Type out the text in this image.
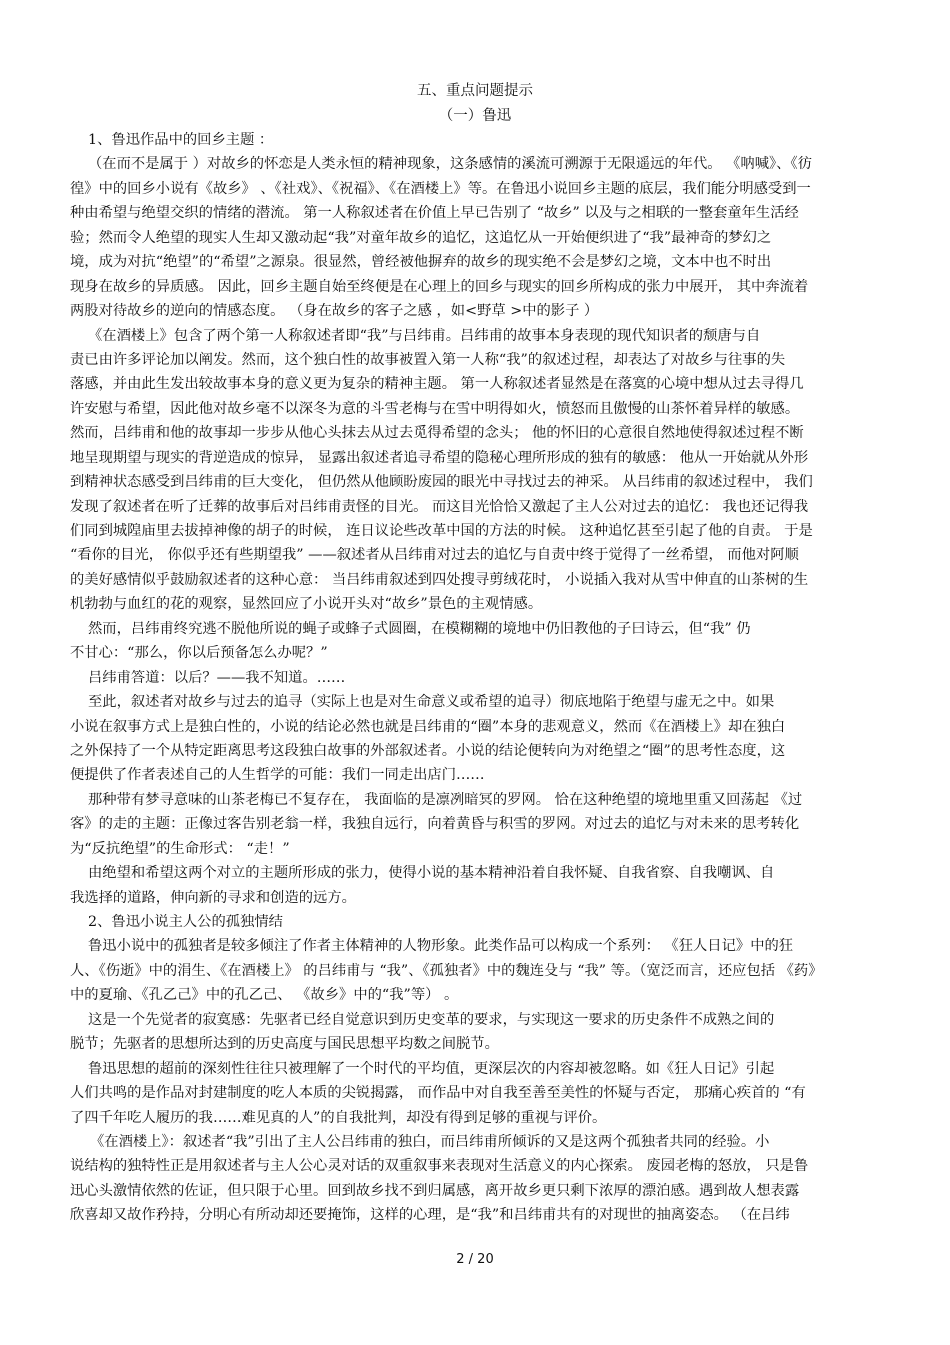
五、重点问题提示
（一）鲁迅
1、鲁迅作品中的回乡主题 ：
（在而不是属于 ）对故乡的怀恋是人类永恒的精神现象，这条感情的溪流可溯源于无限遥远的年代。 《呐喊》、《彷
徨》中的回乡小说有《故乡》 、《社戏》、《祝福》、《在酒楼上》等。在鲁迅小说回乡主题的底层，我们能分明感受到一
种由希望与绝望交织的情绪的潜流。 第一人称叙述者在价值上早已告别了 “故乡” 以及与之相联的一整套童年生活经
验；然而令人绝望的现实人生却又激动起“我”对童年故乡的追忆，这追忆从一开始便织进了“我”最神奇的梦幻之
境，成为对抗“绝望”的“希望”之源泉。很显然，曾经被他摒弃的故乡的现实绝不会是梦幻之境，文本中也不时出
现身在故乡的异质感。 因此，回乡主题自始至终便是在心理上的回乡与现实的回乡所构成的张力中展开， 其中奔流着
两股对待故乡的逆向的情感态度。 （身在故乡的客子之感 ，如<野草 >中的影子 ）
《在酒楼上》包含了两个第一人称叙述者即“我”与吕纬甫。吕纬甫的故事本身表现的现代知识者的颓唐与自
责已由许多评论加以阐发。然而，这个独白性的故事被置入第一人称“我”的叙述过程，却表达了对故乡与往事的失
落感，并由此生发出较故事本身的意义更为复杂的精神主题。 第一人称叙述者显然是在落寞的心境中想从过去寻得几
许安慰与希望，因此他对故乡毫不以深冬为意的斗雪老梅与在雪中明得如火，愤怒而且傲慢的山茶怀着异样的敏感。
然而，吕纬甫和他的故事却一步步从他心头抹去从过去觅得希望的念头； 他的怀旧的心意很自然地使得叙述过程不断
地呈现期望与现实的背逆造成的惊异， 显露出叙述者追寻希望的隐秘心理所形成的独有的敏感： 他从一开始就从外形
到精神状态感受到吕纬甫的巨大变化， 但仍然从他顾盼废园的眼光中寻找过去的神采。 从吕纬甫的叙述过程中， 我们
发现了叙述者在听了迁葬的故事后对吕纬甫责怪的目光。 而这目光恰恰又激起了主人公对过去的追忆： 我也还记得我
们同到城隍庙里去拔掉神像的胡子的时候， 连日议论些改革中国的方法的时候。 这种追忆甚至引起了他的自责。 于是
“看你的目光， 你似乎还有些期望我” ——叙述者从吕纬甫对过去的追忆与自责中终于觉得了一丝希望， 而他对阿顺
的美好感情似乎鼓励叙述者的这种心意： 当吕纬甫叙述到四处搜寻剪绒花时， 小说插入我对从雪中伸直的山茶树的生
机勃勃与血红的花的观察，显然回应了小说开头对“故乡”景色的主观情感。
然而，吕纬甫终究逃不脱他所说的蝇子或蜂子式圆圈，在模糊糊的境地中仍旧教他的子曰诗云，但“我” 仍
不甘心：“那么，你以后预备怎么办呢？”
吕纬甫答道：以后？——我不知道。……
至此，叙述者对故乡与过去的追寻（实际上也是对生命意义或希望的追寻）彻底地陷于绝望与虚无之中。如果
小说在叙事方式上是独白性的，小说的结论必然也就是吕纬甫的“圈”本身的悲观意义，然而《在酒楼上》却在独白
之外保持了一个从特定距离思考这段独白故事的外部叙述者。小说的结论便转向为对绝望之“圈”的思考性态度，这
便提供了作者表述自己的人生哲学的可能：我们一同走出店门……
那种带有梦寻意味的山茶老梅已不复存在， 我面临的是凛冽暗冥的罗网。 恰在这种绝望的境地里重又回荡起 《过
客》的走的主题：正像过客告别老翁一样，我独自远行，向着黄昏与积雪的罗网。对过去的追忆与对未来的思考转化
为“反抗绝望”的生命形式： “走！”
由绝望和希望这两个对立的主题所形成的张力，使得小说的基本精神沿着自我怀疑、自我省察、自我嘲讽、自
我选择的道路，伸向新的寻求和创造的远方。
2、鲁迅小说主人公的孤独情结
鲁迅小说中的孤独者是较多倾注了作者主体精神的人物形象。此类作品可以构成一个系列： 《狂人日记》中的狂
人、《伤逝》中的涓生、《在酒楼上》 的吕纬甫与 “我”、《孤独者》中的魏连殳与 “我” 等。（宽泛而言，还应包括 《药》
中的夏瑜、《孔乙己》中的孔乙己、 《故乡》中的“我”等） 。
这是一个先觉者的寂寞感：先驱者已经自觉意识到历史变革的要求，与实现这一要求的历史条件不成熟之间的
脱节；先驱者的思想所达到的历史高度与国民思想平均数之间脱节。
鲁迅思想的超前的深刻性往往只被理解了一个时代的平均值，更深层次的内容却被忽略。如《狂人日记》引起
人们共鸣的是作品对封建制度的吃人本质的尖锐揭露， 而作品中对自我至善至美性的怀疑与否定， 那痛心疾首的 “有
了四千年吃人履历的我……难见真的人”的自我批判，却没有得到足够的重视与评价。
《在酒楼上》：叙述者“我”引出了主人公吕纬甫的独白，而吕纬甫所倾诉的又是这两个孤独者共同的经验。小
说结构的独特性正是用叙述者与主人公心灵对话的双重叙事来表现对生活意义的内心探索。 废园老梅的怒放， 只是鲁
迅心头激情依然的佐证，但只限于心里。回到故乡找不到归属感，离开故乡更只剩下浓厚的漂泊感。遇到故人想表露
欣喜却又故作矜持，分明心有所动却还要掩饰，这样的心理，是“我”和吕纬甫共有的对现世的抽离姿态。 （在吕纬
2 / 20
